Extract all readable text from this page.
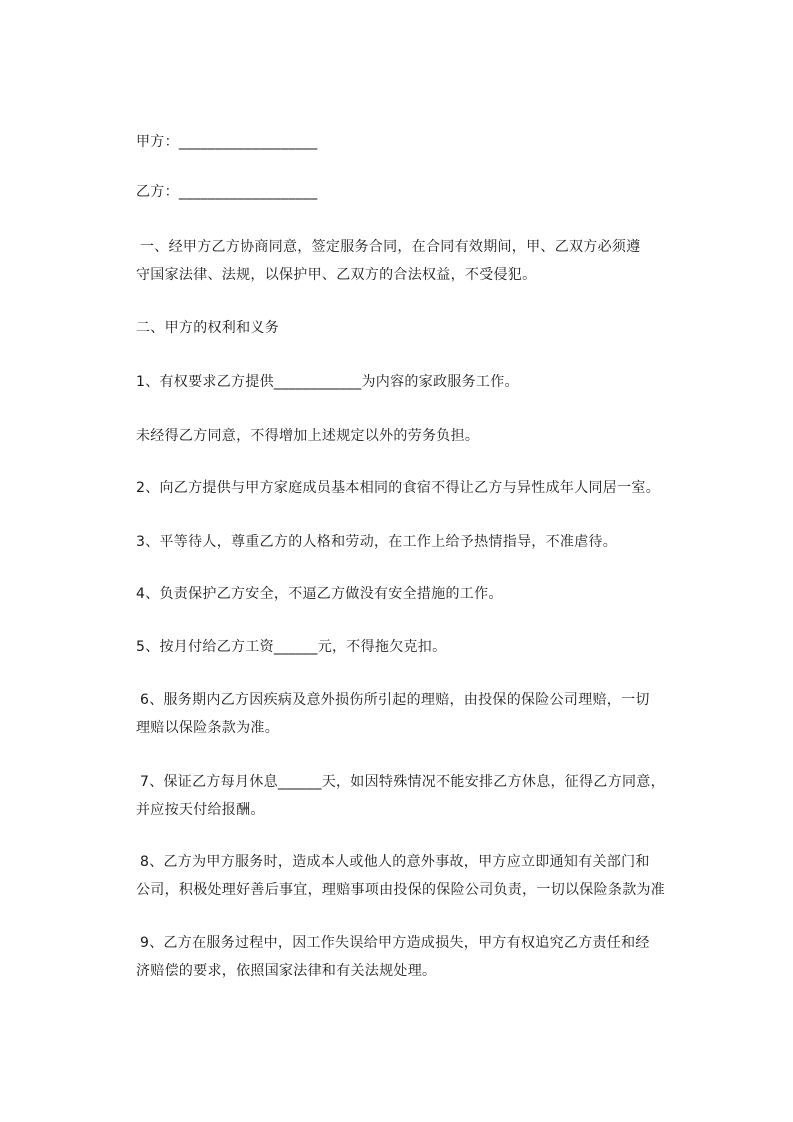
甲方：___________________
乙方：___________________
一、经甲方乙方协商同意，签定服务合同，在合同有效期间，甲、乙双方必须遵
守国家法律、法规，以保护甲、乙双方的合法权益，不受侵犯。
二、甲方的权利和义务
1、有权要求乙方提供____________为内容的家政服务工作。
未经得乙方同意，不得增加上述规定以外的劳务负担。
2、向乙方提供与甲方家庭成员基本相同的食宿不得让乙方与异性成年人同居一室。
3、平等待人，尊重乙方的人格和劳动，在工作上给予热情指导，不准虐待。
4、负责保护乙方安全，不逼乙方做没有安全措施的工作。
5、按月付给乙方工资______元，不得拖欠克扣。
6、服务期内乙方因疾病及意外损伤所引起的理赔，由投保的保险公司理赔，一切
理赔以保险条款为准。
7、保证乙方每月休息______天，如因特殊情况不能安排乙方休息，征得乙方同意，
并应按天付给报酬。
8、乙方为甲方服务时，造成本人或他人的意外事故，甲方应立即通知有关部门和
公司，积极处理好善后事宜，理赔事项由投保的保险公司负责，一切以保险条款为准
9、乙方在服务过程中，因工作失误给甲方造成损失，甲方有权追究乙方责任和经
济赔偿的要求，依照国家法律和有关法规处理。
